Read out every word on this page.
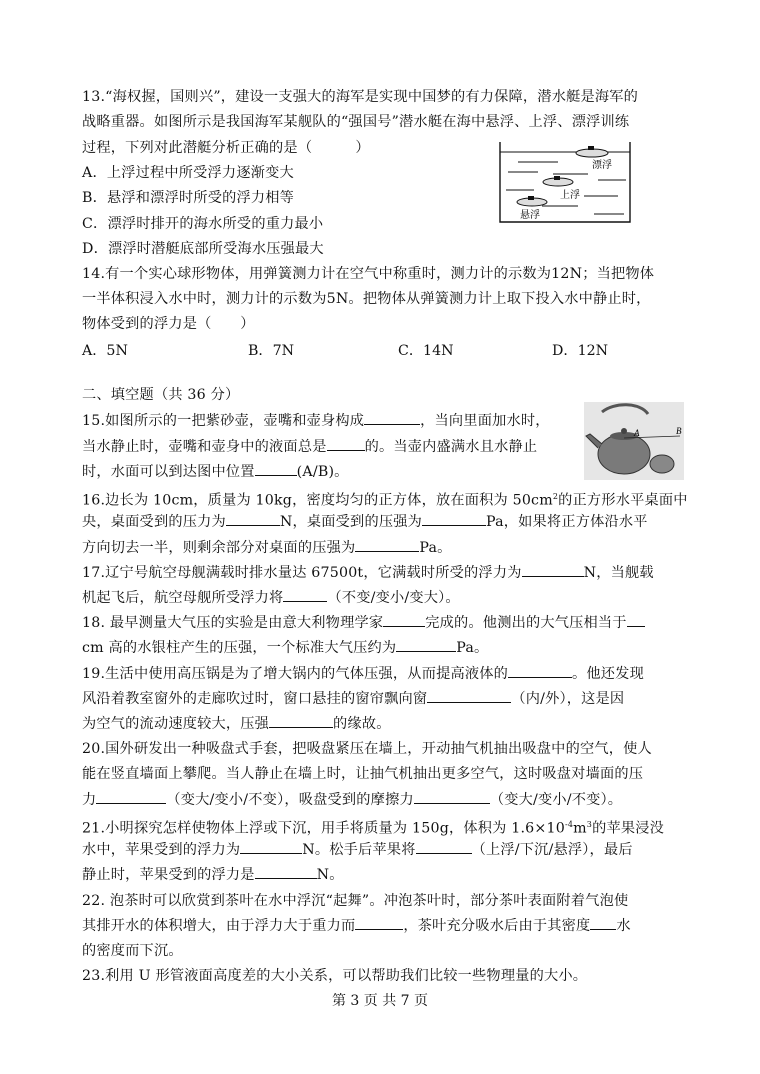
13.“海权握，国则兴”，建设一支强大的海军是实现中国梦的有力保障，潜水艇是海军的
战略重器。如图所示是我国海军某舰队的“强国号”潜水艇在海中悬浮、上浮、漂浮训练
过程，下列对此潜艇分析正确的是（　　　）
A．上浮过程中所受浮力逐渐变大
B．悬浮和漂浮时所受的浮力相等
C．漂浮时排开的海水所受的重力最小
D．漂浮时潜艇底部所受海水压强最大
漂浮
上浮
悬浮
14.有一个实心球形物体，用弹簧测力计在空气中称重时，测力计的示数为12N；当把物体
一半体积浸入水中时，测力计的示数为5N。把物体从弹簧测力计上取下投入水中静止时，
物体受到的浮力是（　　）
A．5N	B．7N	C．14N	D．12N
二、填空题（共 36 分）
15.如图所示的一把紫砂壶，壶嘴和壶身构成	，当向里面加水时，
当水静止时，壶嘴和壶身中的液面总是	的。当壶内盛满水且水静止
时，水面可以到达图中位置	(A/B)。
A	B
16.边长为 10cm，质量为 10kg，密度均匀的正方体，放在面积为 $50cm^2$的正方形水平桌面中
央，桌面受到的压力为	N，桌面受到的压强为	Pa，如果将正方体沿水平
方向切去一半，则剩余部分对桌面的压强为	Pa。
17.辽宁号航空母舰满载时排水量达 67500t，它满载时所受的浮力为	N，当舰载
机起飞后，航空母舰所受浮力将	（不变/变小/变大）。
18. 最早测量大气压的实验是由意大利物理学家	完成的。他测出的大气压相当于
cm 高的水银柱产生的压强，一个标准大气压约为	Pa。
19.生活中使用高压锅是为了增大锅内的气体压强，从而提高液体的	。他还发现
风沿着教室窗外的走廊吹过时，窗口悬挂的窗帘飘向窗	（内/外），这是因
为空气的流动速度较大，压强	的缘故。
20.国外研发出一种吸盘式手套，把吸盘紧压在墙上，开动抽气机抽出吸盘中的空气，使人
能在竖直墙面上攀爬。当人静止在墙上时，让抽气机抽出更多空气，这时吸盘对墙面的压
力	（变大/变小/不变），吸盘受到的摩擦力	（变大/变小/不变）。
21.小明探究怎样使物体上浮或下沉，用手将质量为 150g，体积为 $1.6\times 10^{-4}m^3$的苹果浸没
水中，苹果受到的浮力为	N。松手后苹果将	（上浮/下沉/悬浮），最后
静止时，苹果受到的浮力是	N。
22. 泡茶时可以欣赏到茶叶在水中浮沉“起舞”。冲泡茶叶时，部分茶叶表面附着气泡使
其排开水的体积增大，由于浮力大于重力而	，茶叶充分吸水后由于其密度 水
的密度而下沉。
23.利用 U 形管液面高度差的大小关系，可以帮助我们比较一些物理量的大小。
第 3 页 共 7 页
